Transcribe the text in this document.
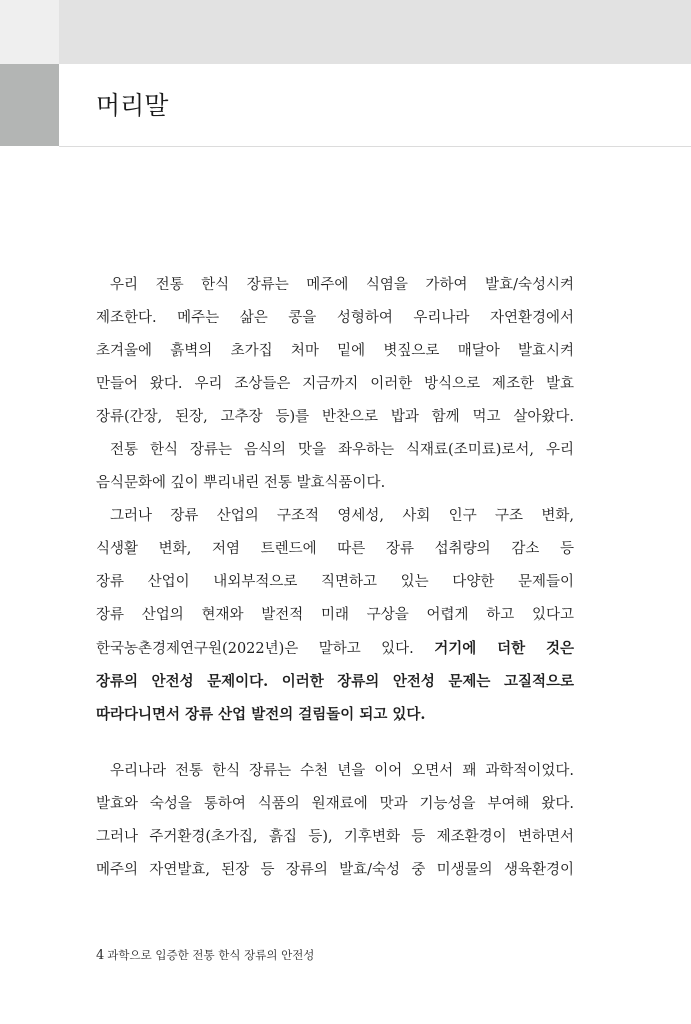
머리말
우리 전통 한식 장류는 메주에 식염을 가하여 발효/숙성시켜
제조한다. 메주는 삶은 콩을 성형하여 우리나라 자연환경에서
초겨울에 흙벽의 초가집 처마 밑에 볏짚으로 매달아 발효시켜
만들어 왔다. 우리 조상들은 지금까지 이러한 방식으로 제조한 발효
장류(간장, 된장, 고추장 등)를 반찬으로 밥과 함께 먹고 살아왔다.
전통 한식 장류는 음식의 맛을 좌우하는 식재료(조미료)로서, 우리
음식문화에 깊이 뿌리내린 전통 발효식품이다.
그러나 장류 산업의 구조적 영세성, 사회 인구 구조 변화,
식생활 변화, 저염 트렌드에 따른 장류 섭취량의 감소 등
장류 산업이 내외부적으로 직면하고 있는 다양한 문제들이
장류 산업의 현재와 발전적 미래 구상을 어렵게 하고 있다고
한국농촌경제연구원(2022년)은 말하고 있다. 거기에 더한 것은
장류의 안전성 문제이다. 이러한 장류의 안전성 문제는 고질적으로
따라다니면서 장류 산업 발전의 걸림돌이 되고 있다.
우리나라 전통 한식 장류는 수천 년을 이어 오면서 꽤 과학적이었다.
발효와 숙성을 통하여 식품의 원재료에 맛과 기능성을 부여해 왔다.
그러나 주거환경(초가집, 흙집 등), 기후변화 등 제조환경이 변하면서
메주의 자연발효, 된장 등 장류의 발효/숙성 중 미생물의 생육환경이
4 과학으로 입증한 전통 한식 장류의 안전성
